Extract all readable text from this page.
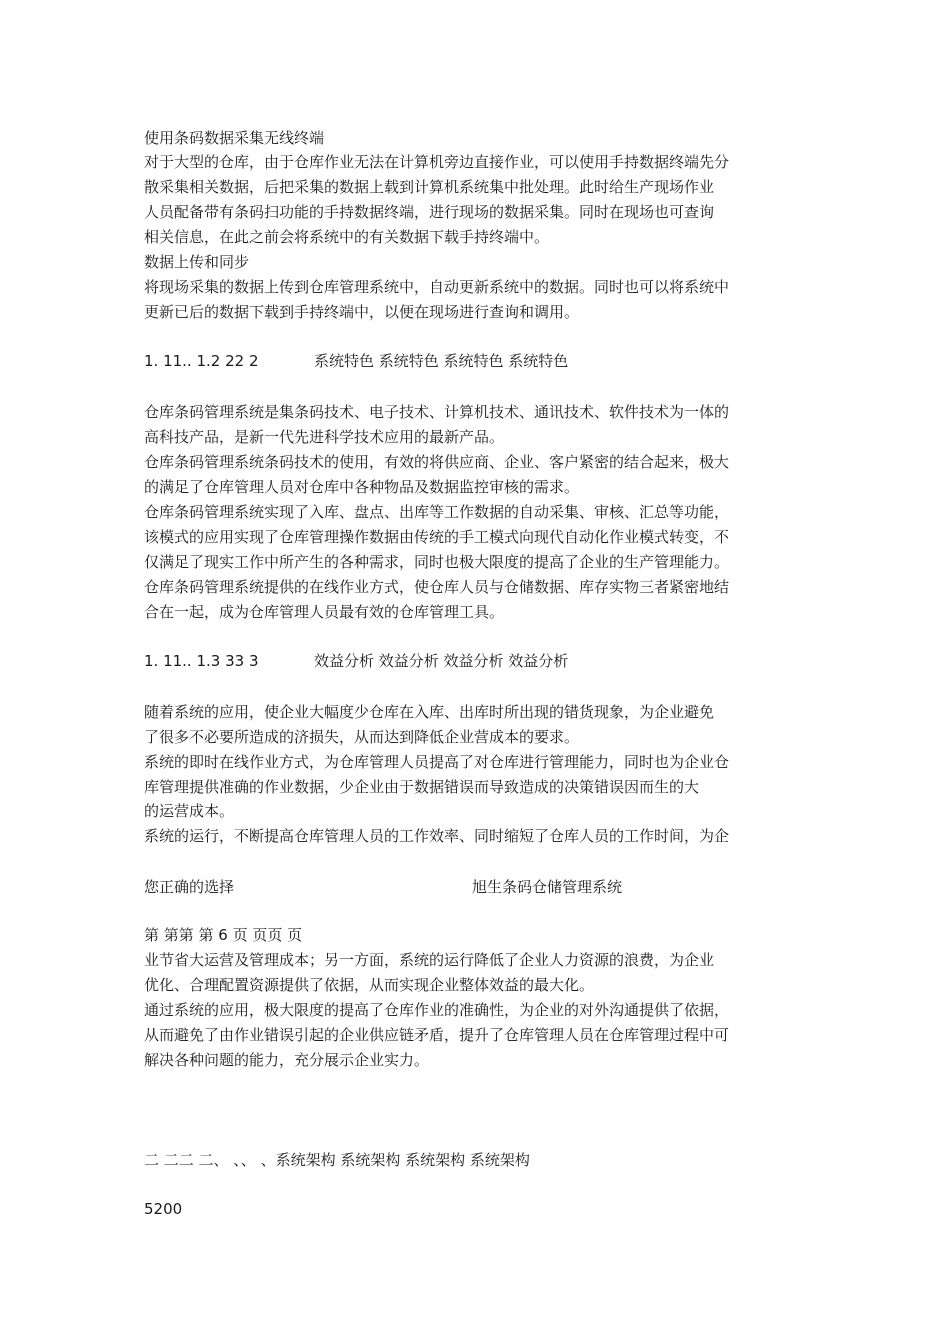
使用条码数据采集无线终端
对于大型的仓库，由于仓库作业无法在计算机旁边直接作业，可以使用手持数据终端先分
散采集相关数据，后把采集的数据上载到计算机系统集中批处理。此时给生产现场作业
人员配备带有条码扫功能的手持数据终端，进行现场的数据采集。同时在现场也可查询
相关信息，在此之前会将系统中的有关数据下载手持终端中。
数据上传和同步
将现场采集的数据上传到仓库管理系统中，自动更新系统中的数据。同时也可以将系统中
更新已后的数据下载到手持终端中，以便在现场进行查询和调用。
1. 11.. 1.2 22 2	系统特色 系统特色 系统特色 系统特色
仓库条码管理系统是集条码技术、电子技术、计算机技术、通讯技术、软件技术为一体的
高科技产品，是新一代先进科学技术应用的最新产品。
仓库条码管理系统条码技术的使用，有效的将供应商、企业、客户紧密的结合起来，极大
的满足了仓库管理人员对仓库中各种物品及数据监控审核的需求。
仓库条码管理系统实现了入库、盘点、出库等工作数据的自动采集、审核、汇总等功能，
该模式的应用实现了仓库管理操作数据由传统的手工模式向现代自动化作业模式转变，不
仅满足了现实工作中所产生的各种需求，同时也极大限度的提高了企业的生产管理能力。
仓库条码管理系统提供的在线作业方式，使仓库人员与仓储数据、库存实物三者紧密地结
合在一起，成为仓库管理人员最有效的仓库管理工具。
1. 11.. 1.3 33 3	效益分析 效益分析 效益分析 效益分析
随着系统的应用，使企业大幅度少仓库在入库、出库时所出现的错货现象，为企业避免
了很多不必要所造成的济损失，从而达到降低企业营成本的要求。
系统的即时在线作业方式，为仓库管理人员提高了对仓库进行管理能力，同时也为企业仓
库管理提供准确的作业数据，少企业由于数据错误而导致造成的决策错误因而生的大
的运营成本。
系统的运行，不断提高仓库管理人员的工作效率、同时缩短了仓库人员的工作时间，为企
您正确的选择	旭生条码仓储管理系统
第 第第 第 6 页 页页 页
业节省大运营及管理成本；另一方面，系统的运行降低了企业人力资源的浪费，为企业
优化、合理配置资源提供了依据，从而实现企业整体效益的最大化。
通过系统的应用，极大限度的提高了仓库作业的准确性，为企业的对外沟通提供了依据，
从而避免了由作业错误引起的企业供应链矛盾，提升了仓库管理人员在仓库管理过程中可
解决各种问题的能力，充分展示企业实力。
二 二二 二、 、、 、系统架构 系统架构 系统架构 系统架构
5200
